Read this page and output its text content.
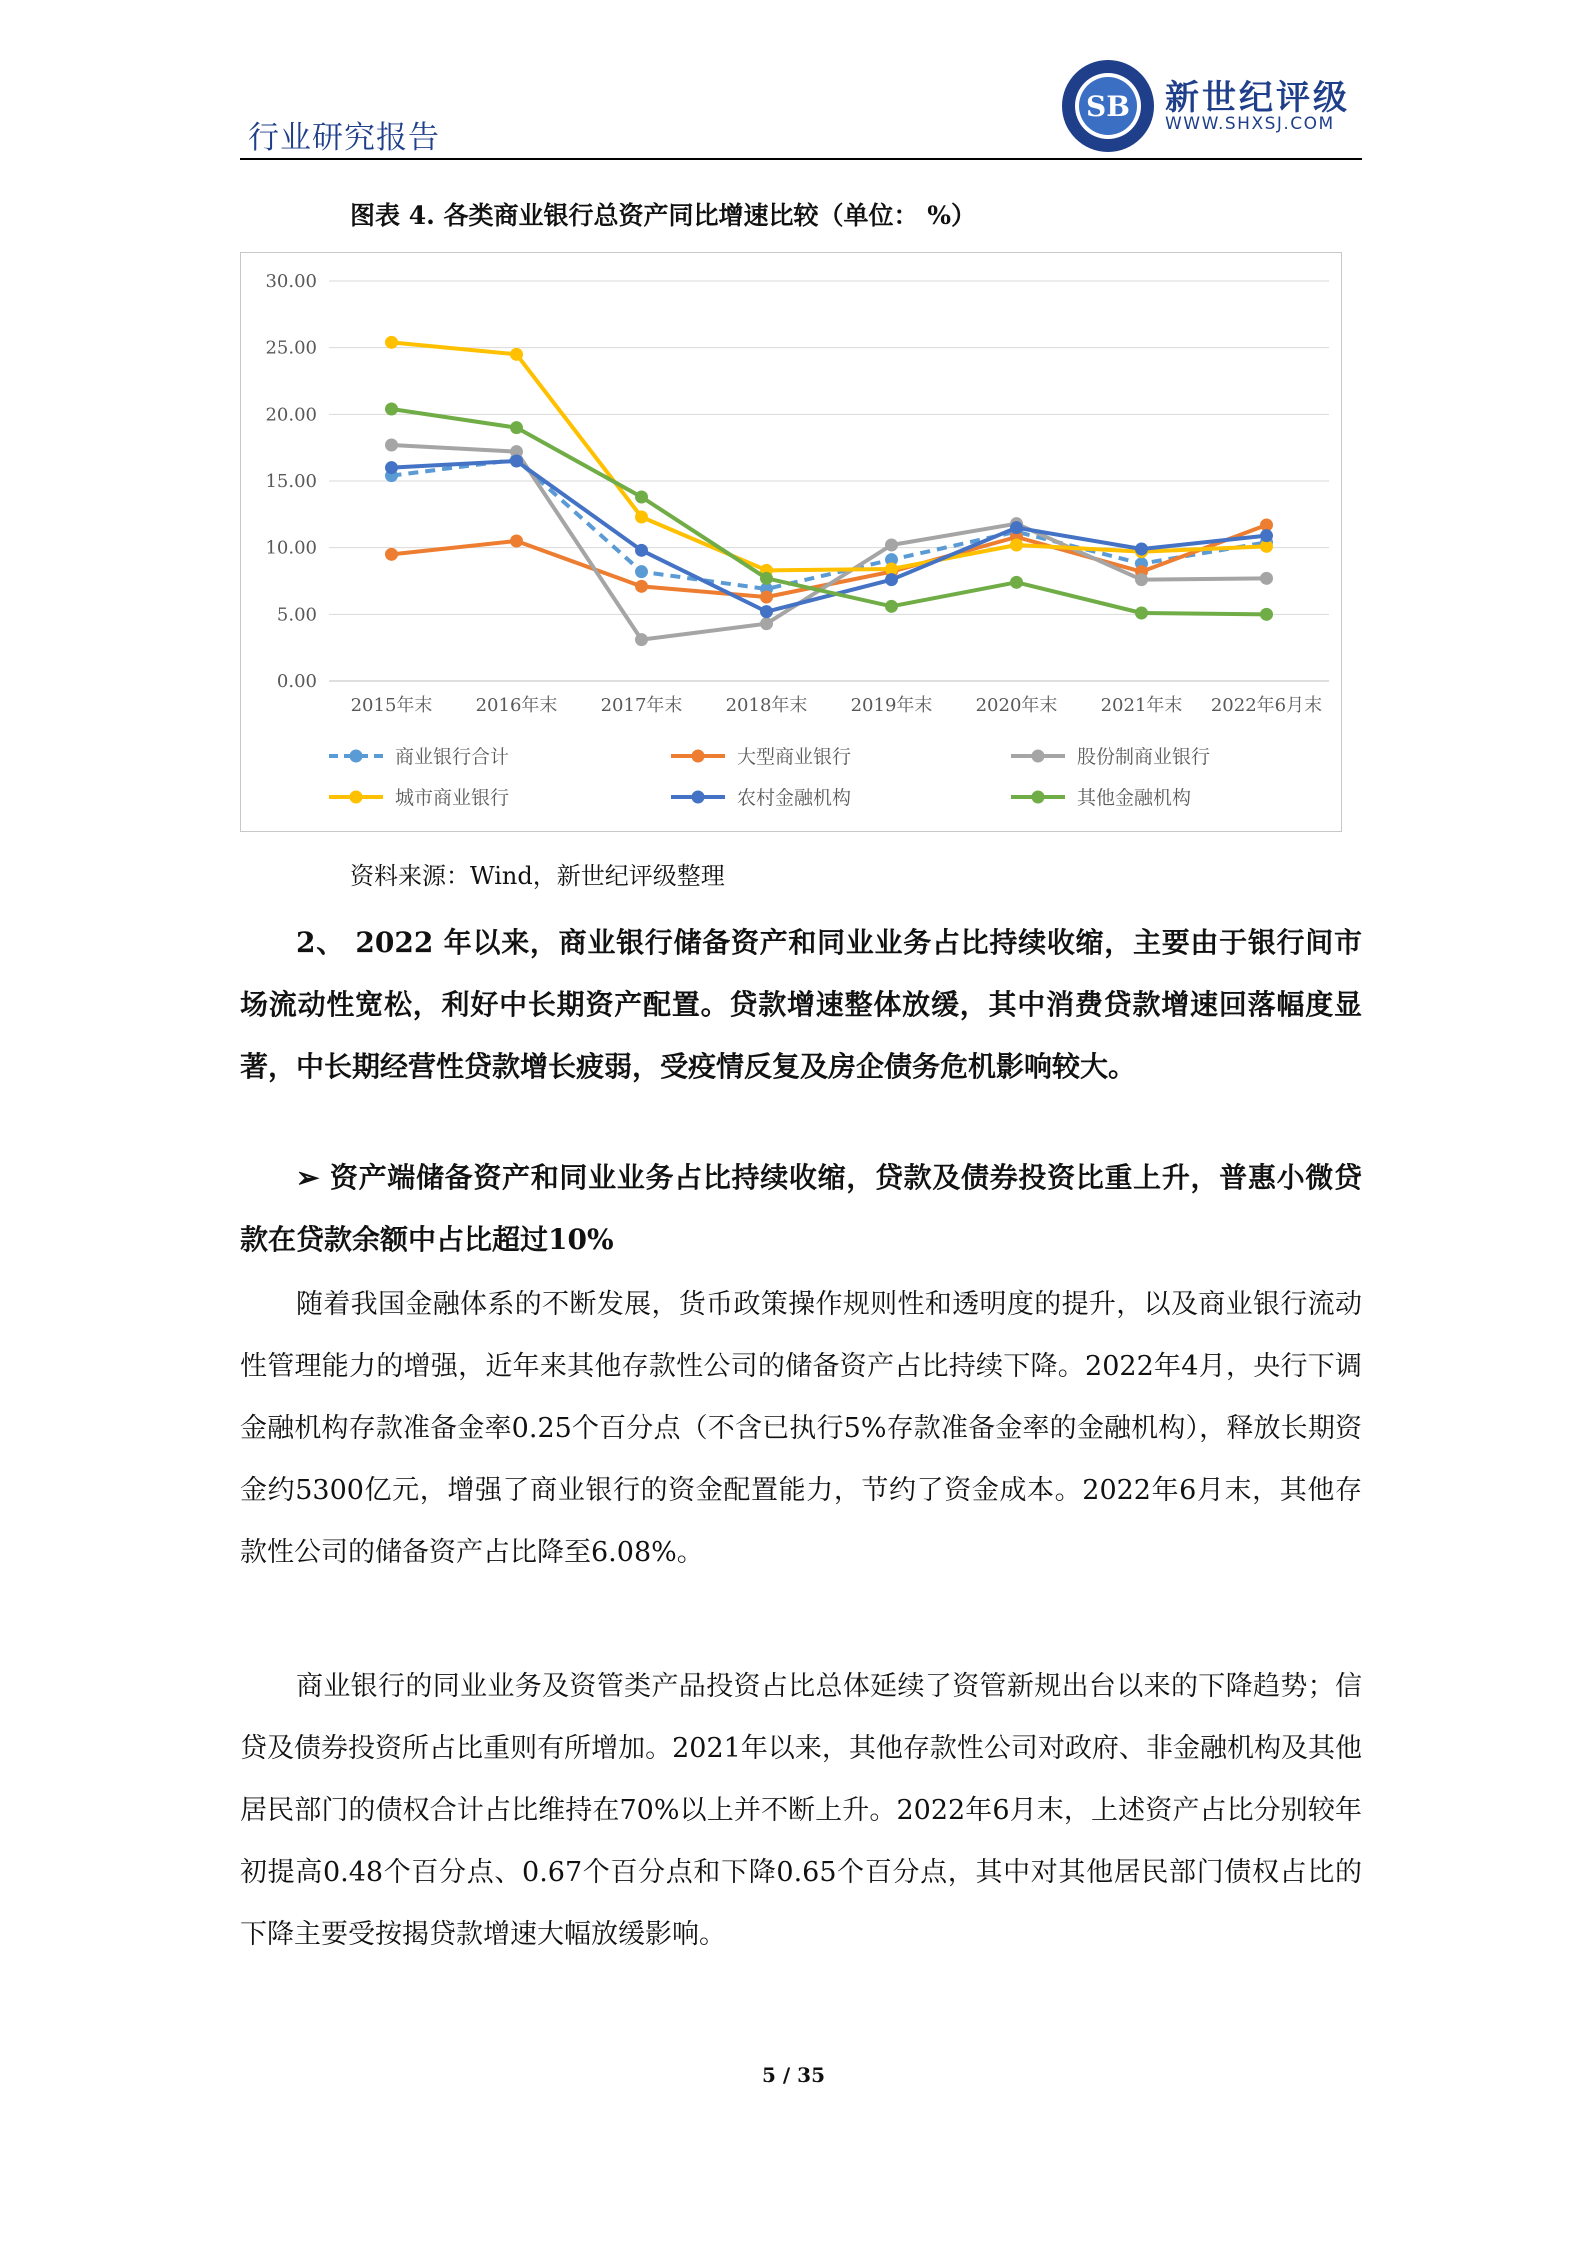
行业研究报告
SB 新世纪评级
WWW.SHXSJ.COM
图表 4. 各类商业银行总资产同比增速比较（单位： %）
0.00
5.00
10.00
15.00
20.00
25.00
30.00
2015年末 2016年末 2017年末 2018年末 2019年末 2020年末 2021年末 2022年6月末
商业银行合计	大型商业银行	股份制商业银行
城市商业银行	农村金融机构	其他金融机构
资料来源：Wind，新世纪评级整理

2、 2022 年以来，商业银行储备资产和同业业务占比持续收缩，主要由于银行间市场流动性宽松，利好中长期资产配置。贷款增速整体放缓，其中消费贷款增速回落幅度显著，中长期经营性贷款增长疲弱，受疫情反复及房企债务危机影响较大。

➢ 资产端储备资产和同业业务占比持续收缩，贷款及债券投资比重上升，普惠小微贷款在贷款余额中占比超过10%

随着我国金融体系的不断发展，货币政策操作规则性和透明度的提升，以及商业银行流动性管理能力的增强，近年来其他存款性公司的储备资产占比持续下降。2022年4月，央行下调金融机构存款准备金率0.25个百分点（不含已执行5%存款准备金率的金融机构），释放长期资金约5300亿元，增强了商业银行的资金配置能力，节约了资金成本。2022年6月末，其他存款性公司的储备资产占比降至6.08%。

商业银行的同业业务及资管类产品投资占比总体延续了资管新规出台以来的下降趋势；信贷及债券投资所占比重则有所增加。2021年以来，其他存款性公司对政府、非金融机构及其他居民部门的债权合计占比维持在70%以上并不断上升。2022年6月末，上述资产占比分别较年初提高0.48个百分点、0.67个百分点和下降0.65个百分点，其中对其他居民部门债权占比的下降主要受按揭贷款增速大幅放缓影响。

5 / 35
